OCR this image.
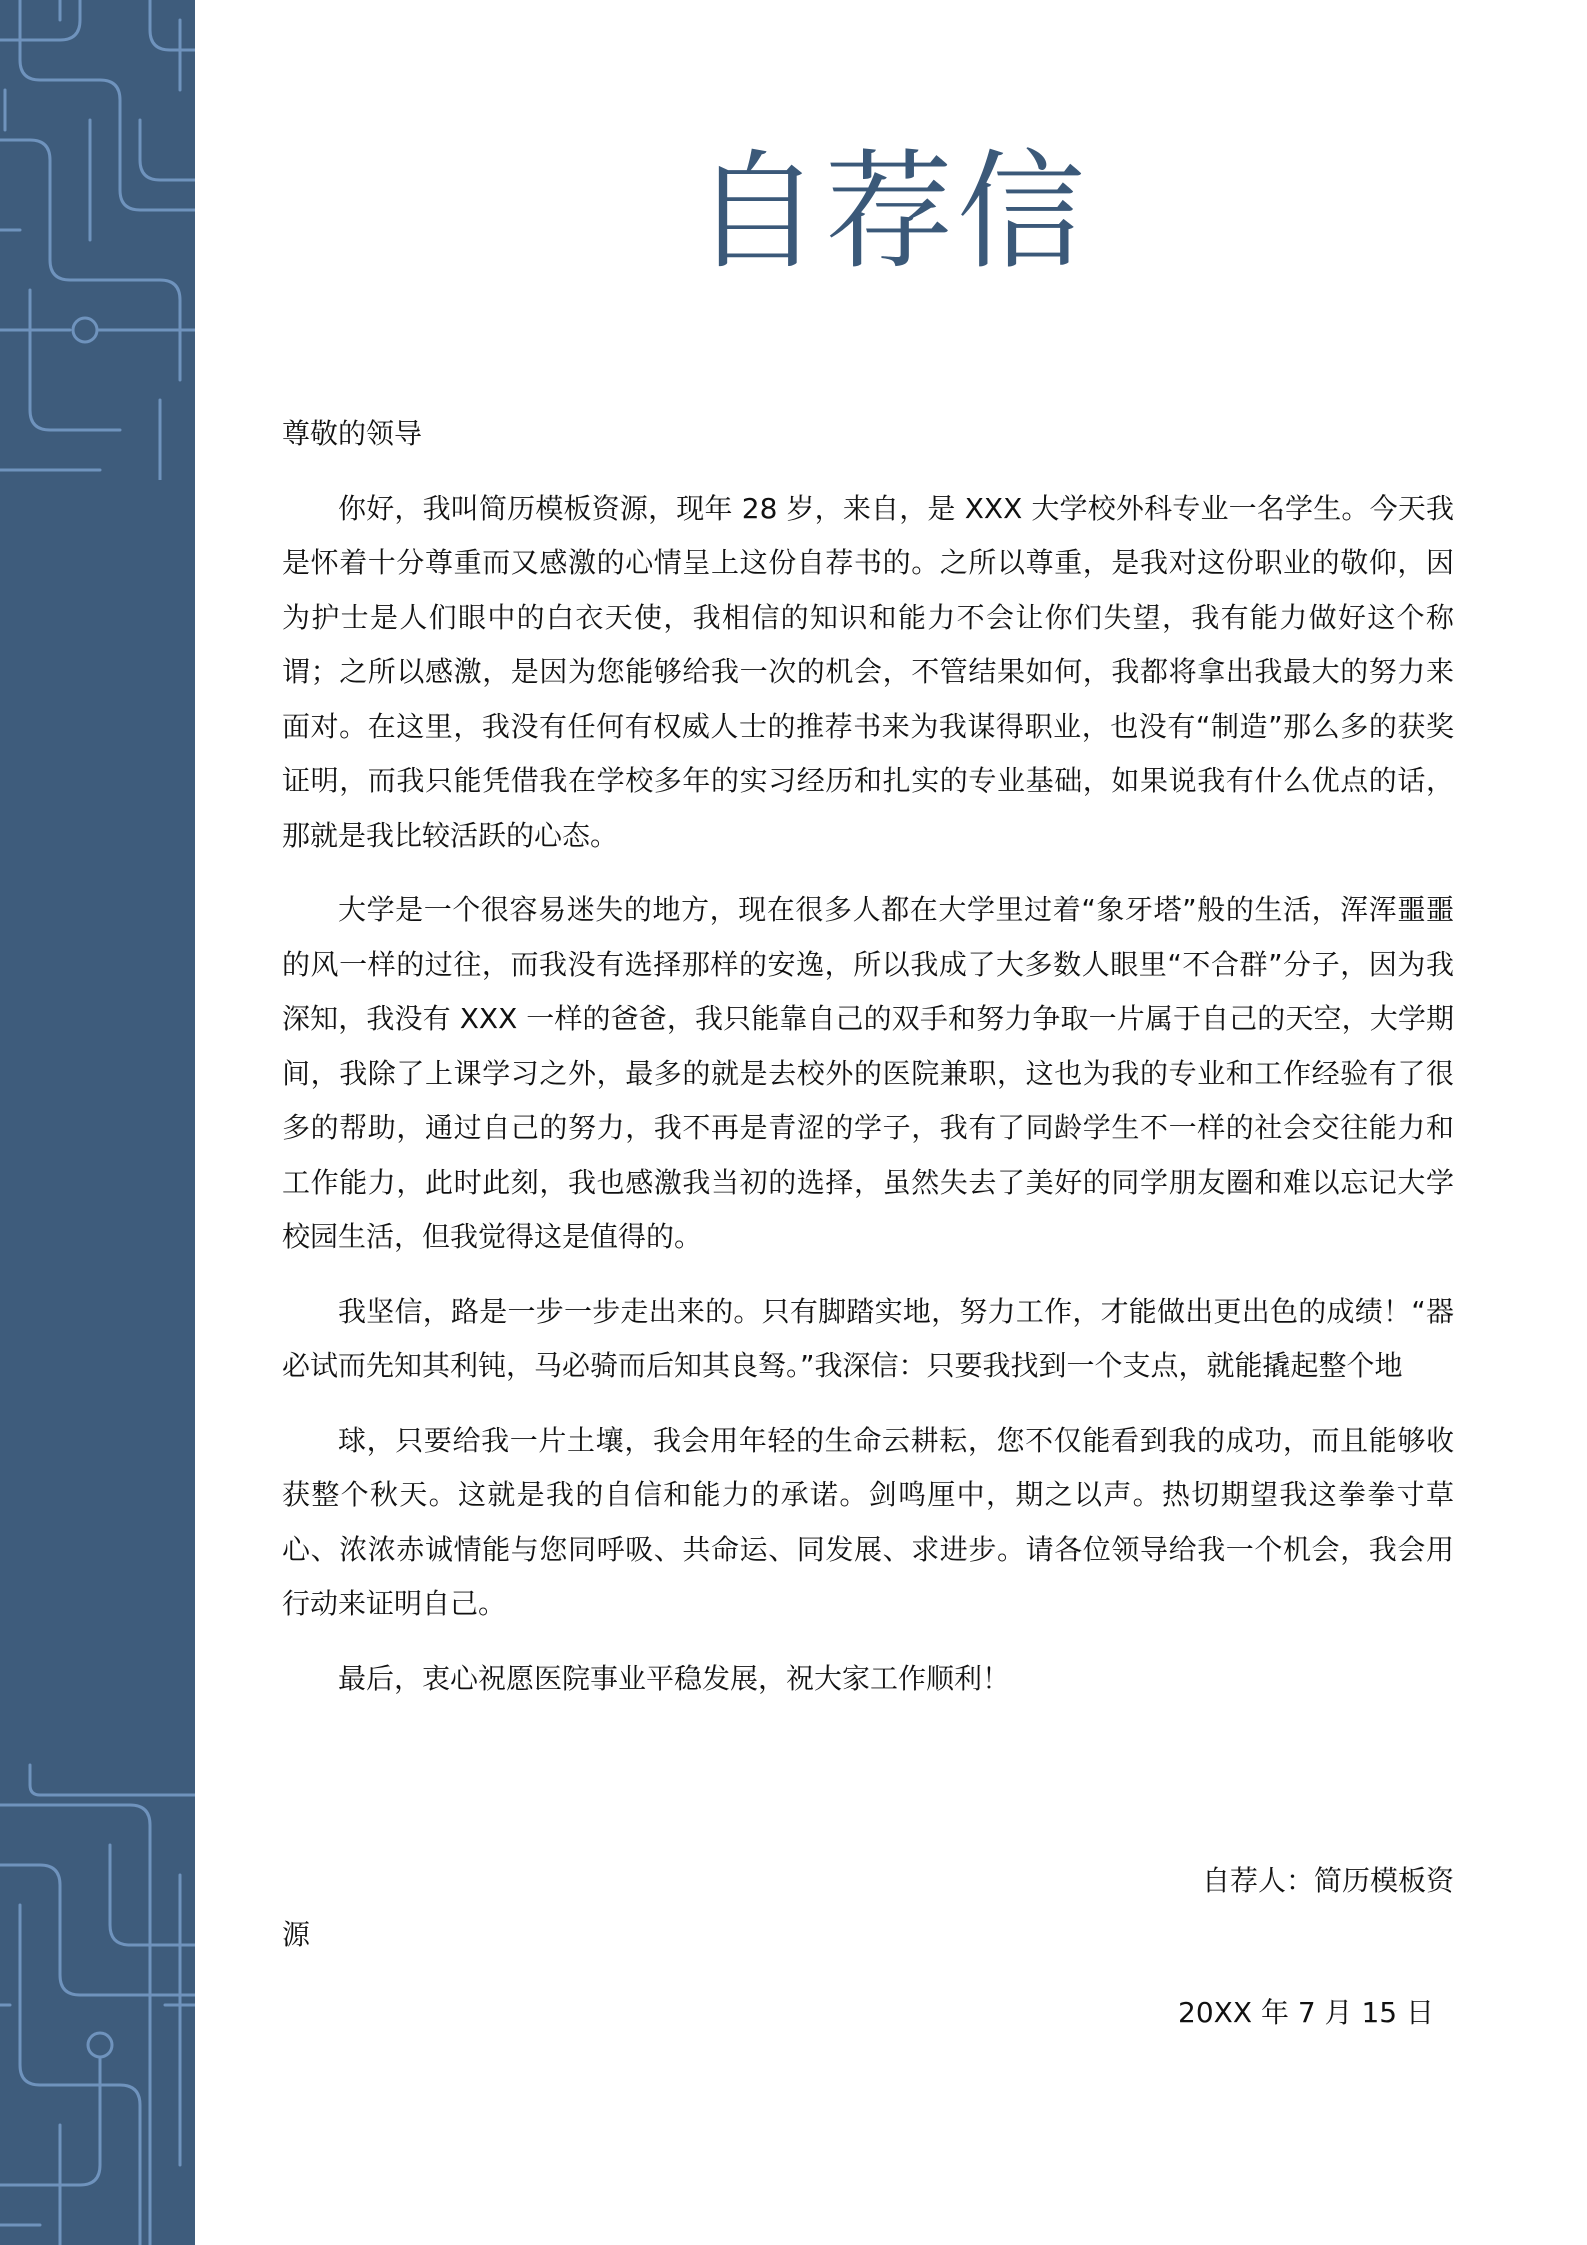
自荐信

尊敬的领导

你好，我叫简历模板资源，现年 28 岁，来自，是 XXX 大学校外科专业一名学生。今天我是怀着十分尊重而又感激的心情呈上这份自荐书的。之所以尊重，是我对这份职业的敬仰，因为护士是人们眼中的白衣天使，我相信的知识和能力不会让你们失望，我有能力做好这个称谓；之所以感激，是因为您能够给我一次的机会，不管结果如何，我都将拿出我最大的努力来面对。在这里，我没有任何有权威人士的推荐书来为我谋得职业，也没有“制造”那么多的获奖证明，而我只能凭借我在学校多年的实习经历和扎实的专业基础，如果说我有什么优点的话，那就是我比较活跃的心态。

大学是一个很容易迷失的地方，现在很多人都在大学里过着“象牙塔”般的生活，浑浑噩噩的风一样的过往，而我没有选择那样的安逸，所以我成了大多数人眼里“不合群”分子，因为我深知，我没有 XXX 一样的爸爸，我只能靠自己的双手和努力争取一片属于自己的天空，大学期间，我除了上课学习之外，最多的就是去校外的医院兼职，这也为我的专业和工作经验有了很多的帮助，通过自己的努力，我不再是青涩的学子，我有了同龄学生不一样的社会交往能力和工作能力，此时此刻，我也感激我当初的选择，虽然失去了美好的同学朋友圈和难以忘记大学校园生活，但我觉得这是值得的。

我坚信，路是一步一步走出来的。只有脚踏实地，努力工作，才能做出更出色的成绩！“器必试而先知其利钝，马必骑而后知其良驽。”我深信：只要我找到一个支点，就能撬起整个地

球，只要给我一片土壤，我会用年轻的生命云耕耘，您不仅能看到我的成功，而且能够收获整个秋天。这就是我的自信和能力的承诺。剑鸣厘中，期之以声。热切期望我这拳拳寸草心、浓浓赤诚情能与您同呼吸、共命运、同发展、求进步。请各位领导给我一个机会，我会用行动来证明自己。

最后，衷心祝愿医院事业平稳发展，祝大家工作顺利！

自荐人：简历模板资

源

20XX 年 7 月 15 日
